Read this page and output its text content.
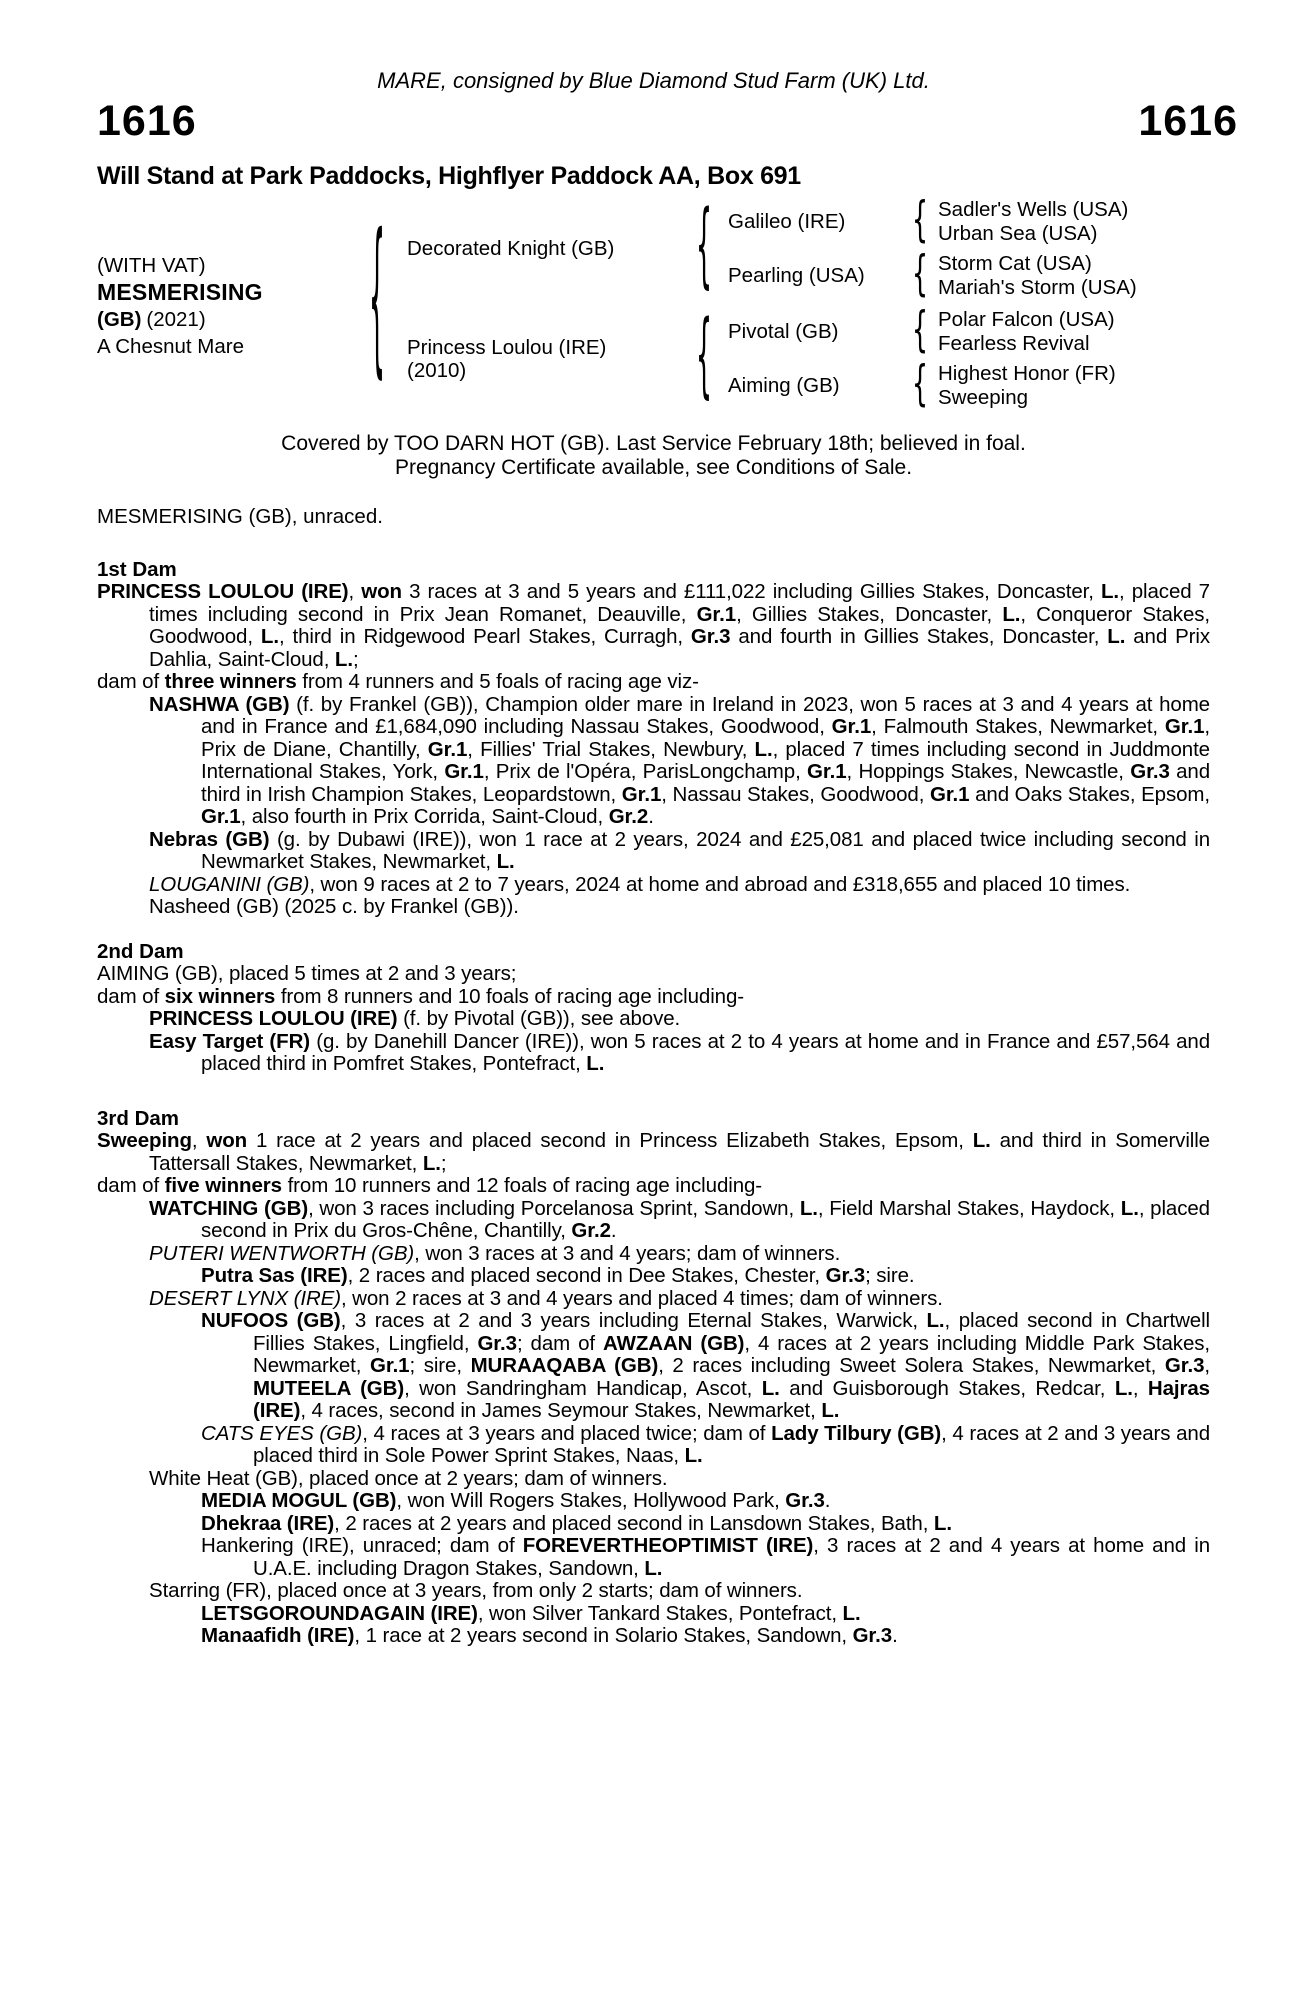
MARE, consigned by Blue Diamond Stud Farm (UK) Ltd.
1616	1616
Will Stand at Park Paddocks, Highflyer Paddock AA, Box 691
(WITH VAT)
MESMERISING
(GB) (2021)
A Chesnut Mare
{
Decorated Knight (GB)
Princess Loulou (IRE)
(2010)
{
{
Galileo (IRE)
Pearling (USA)
Pivotal (GB)
Aiming (GB)
{
{
{
{
Sadler's Wells (USA)
Urban Sea (USA)
Storm Cat (USA)
Mariah's Storm (USA)
Polar Falcon (USA)
Fearless Revival
Highest Honor (FR)
Sweeping
Covered by TOO DARN HOT (GB). Last Service February 18th; believed in foal.
Pregnancy Certificate available, see Conditions of Sale.

MESMERISING (GB), unraced.

1st Dam

PRINCESS LOULOU (IRE), won 3 races at 3 and 5 years and £111,022 including Gillies Stakes, Doncaster, L., placed 7 times including second in Prix Jean Romanet, Deauville, Gr.1, Gillies Stakes, Doncaster, L., Conqueror Stakes, Goodwood, L., third in Ridgewood Pearl Stakes, Curragh, Gr.3 and fourth in Gillies Stakes, Doncaster, L. and Prix Dahlia, Saint-Cloud, L.;

dam of three winners from 4 runners and 5 foals of racing age viz-

NASHWA (GB) (f. by Frankel (GB)), Champion older mare in Ireland in 2023, won 5 races at 3 and 4 years at home and in France and £1,684,090 including Nassau Stakes, Goodwood, Gr.1, Falmouth Stakes, Newmarket, Gr.1, Prix de Diane, Chantilly, Gr.1, Fillies' Trial Stakes, Newbury, L., placed 7 times including second in Juddmonte International Stakes, York, Gr.1, Prix de l'Opéra, ParisLongchamp, Gr.1, Hoppings Stakes, Newcastle, Gr.3 and third in Irish Champion Stakes, Leopardstown, Gr.1, Nassau Stakes, Goodwood, Gr.1 and Oaks Stakes, Epsom, Gr.1, also fourth in Prix Corrida, Saint-Cloud, Gr.2.

Nebras (GB) (g. by Dubawi (IRE)), won 1 race at 2 years, 2024 and £25,081 and placed twice including second in Newmarket Stakes, Newmarket, L.

LOUGANINI (GB), won 9 races at 2 to 7 years, 2024 at home and abroad and £318,655 and placed 10 times.

Nasheed (GB) (2025 c. by Frankel (GB)).

2nd Dam

AIMING (GB), placed 5 times at 2 and 3 years;

dam of six winners from 8 runners and 10 foals of racing age including-

PRINCESS LOULOU (IRE) (f. by Pivotal (GB)), see above.

Easy Target (FR) (g. by Danehill Dancer (IRE)), won 5 races at 2 to 4 years at home and in France and £57,564 and placed third in Pomfret Stakes, Pontefract, L.

3rd Dam

Sweeping, won 1 race at 2 years and placed second in Princess Elizabeth Stakes, Epsom, L. and third in Somerville Tattersall Stakes, Newmarket, L.;

dam of five winners from 10 runners and 12 foals of racing age including-

WATCHING (GB), won 3 races including Porcelanosa Sprint, Sandown, L., Field Marshal Stakes, Haydock, L., placed second in Prix du Gros-Chêne, Chantilly, Gr.2.

PUTERI WENTWORTH (GB), won 3 races at 3 and 4 years; dam of winners.

Putra Sas (IRE), 2 races and placed second in Dee Stakes, Chester, Gr.3; sire.

DESERT LYNX (IRE), won 2 races at 3 and 4 years and placed 4 times; dam of winners.

NUFOOS (GB), 3 races at 2 and 3 years including Eternal Stakes, Warwick, L., placed second in Chartwell Fillies Stakes, Lingfield, Gr.3; dam of AWZAAN (GB), 4 races at 2 years including Middle Park Stakes, Newmarket, Gr.1; sire, MURAAQABA (GB), 2 races including Sweet Solera Stakes, Newmarket, Gr.3, MUTEELA (GB), won Sandringham Handicap, Ascot, L. and Guisborough Stakes, Redcar, L., Hajras (IRE), 4 races, second in James Seymour Stakes, Newmarket, L.

CATS EYES (GB), 4 races at 3 years and placed twice; dam of Lady Tilbury (GB), 4 races at 2 and 3 years and placed third in Sole Power Sprint Stakes, Naas, L.

White Heat (GB), placed once at 2 years; dam of winners.

MEDIA MOGUL (GB), won Will Rogers Stakes, Hollywood Park, Gr.3.

Dhekraa (IRE), 2 races at 2 years and placed second in Lansdown Stakes, Bath, L.

Hankering (IRE), unraced; dam of FOREVERTHEOPTIMIST (IRE), 3 races at 2 and 4 years at home and in U.A.E. including Dragon Stakes, Sandown, L.

Starring (FR), placed once at 3 years, from only 2 starts; dam of winners.

LETSGOROUNDAGAIN (IRE), won Silver Tankard Stakes, Pontefract, L.

Manaafidh (IRE), 1 race at 2 years second in Solario Stakes, Sandown, Gr.3.
